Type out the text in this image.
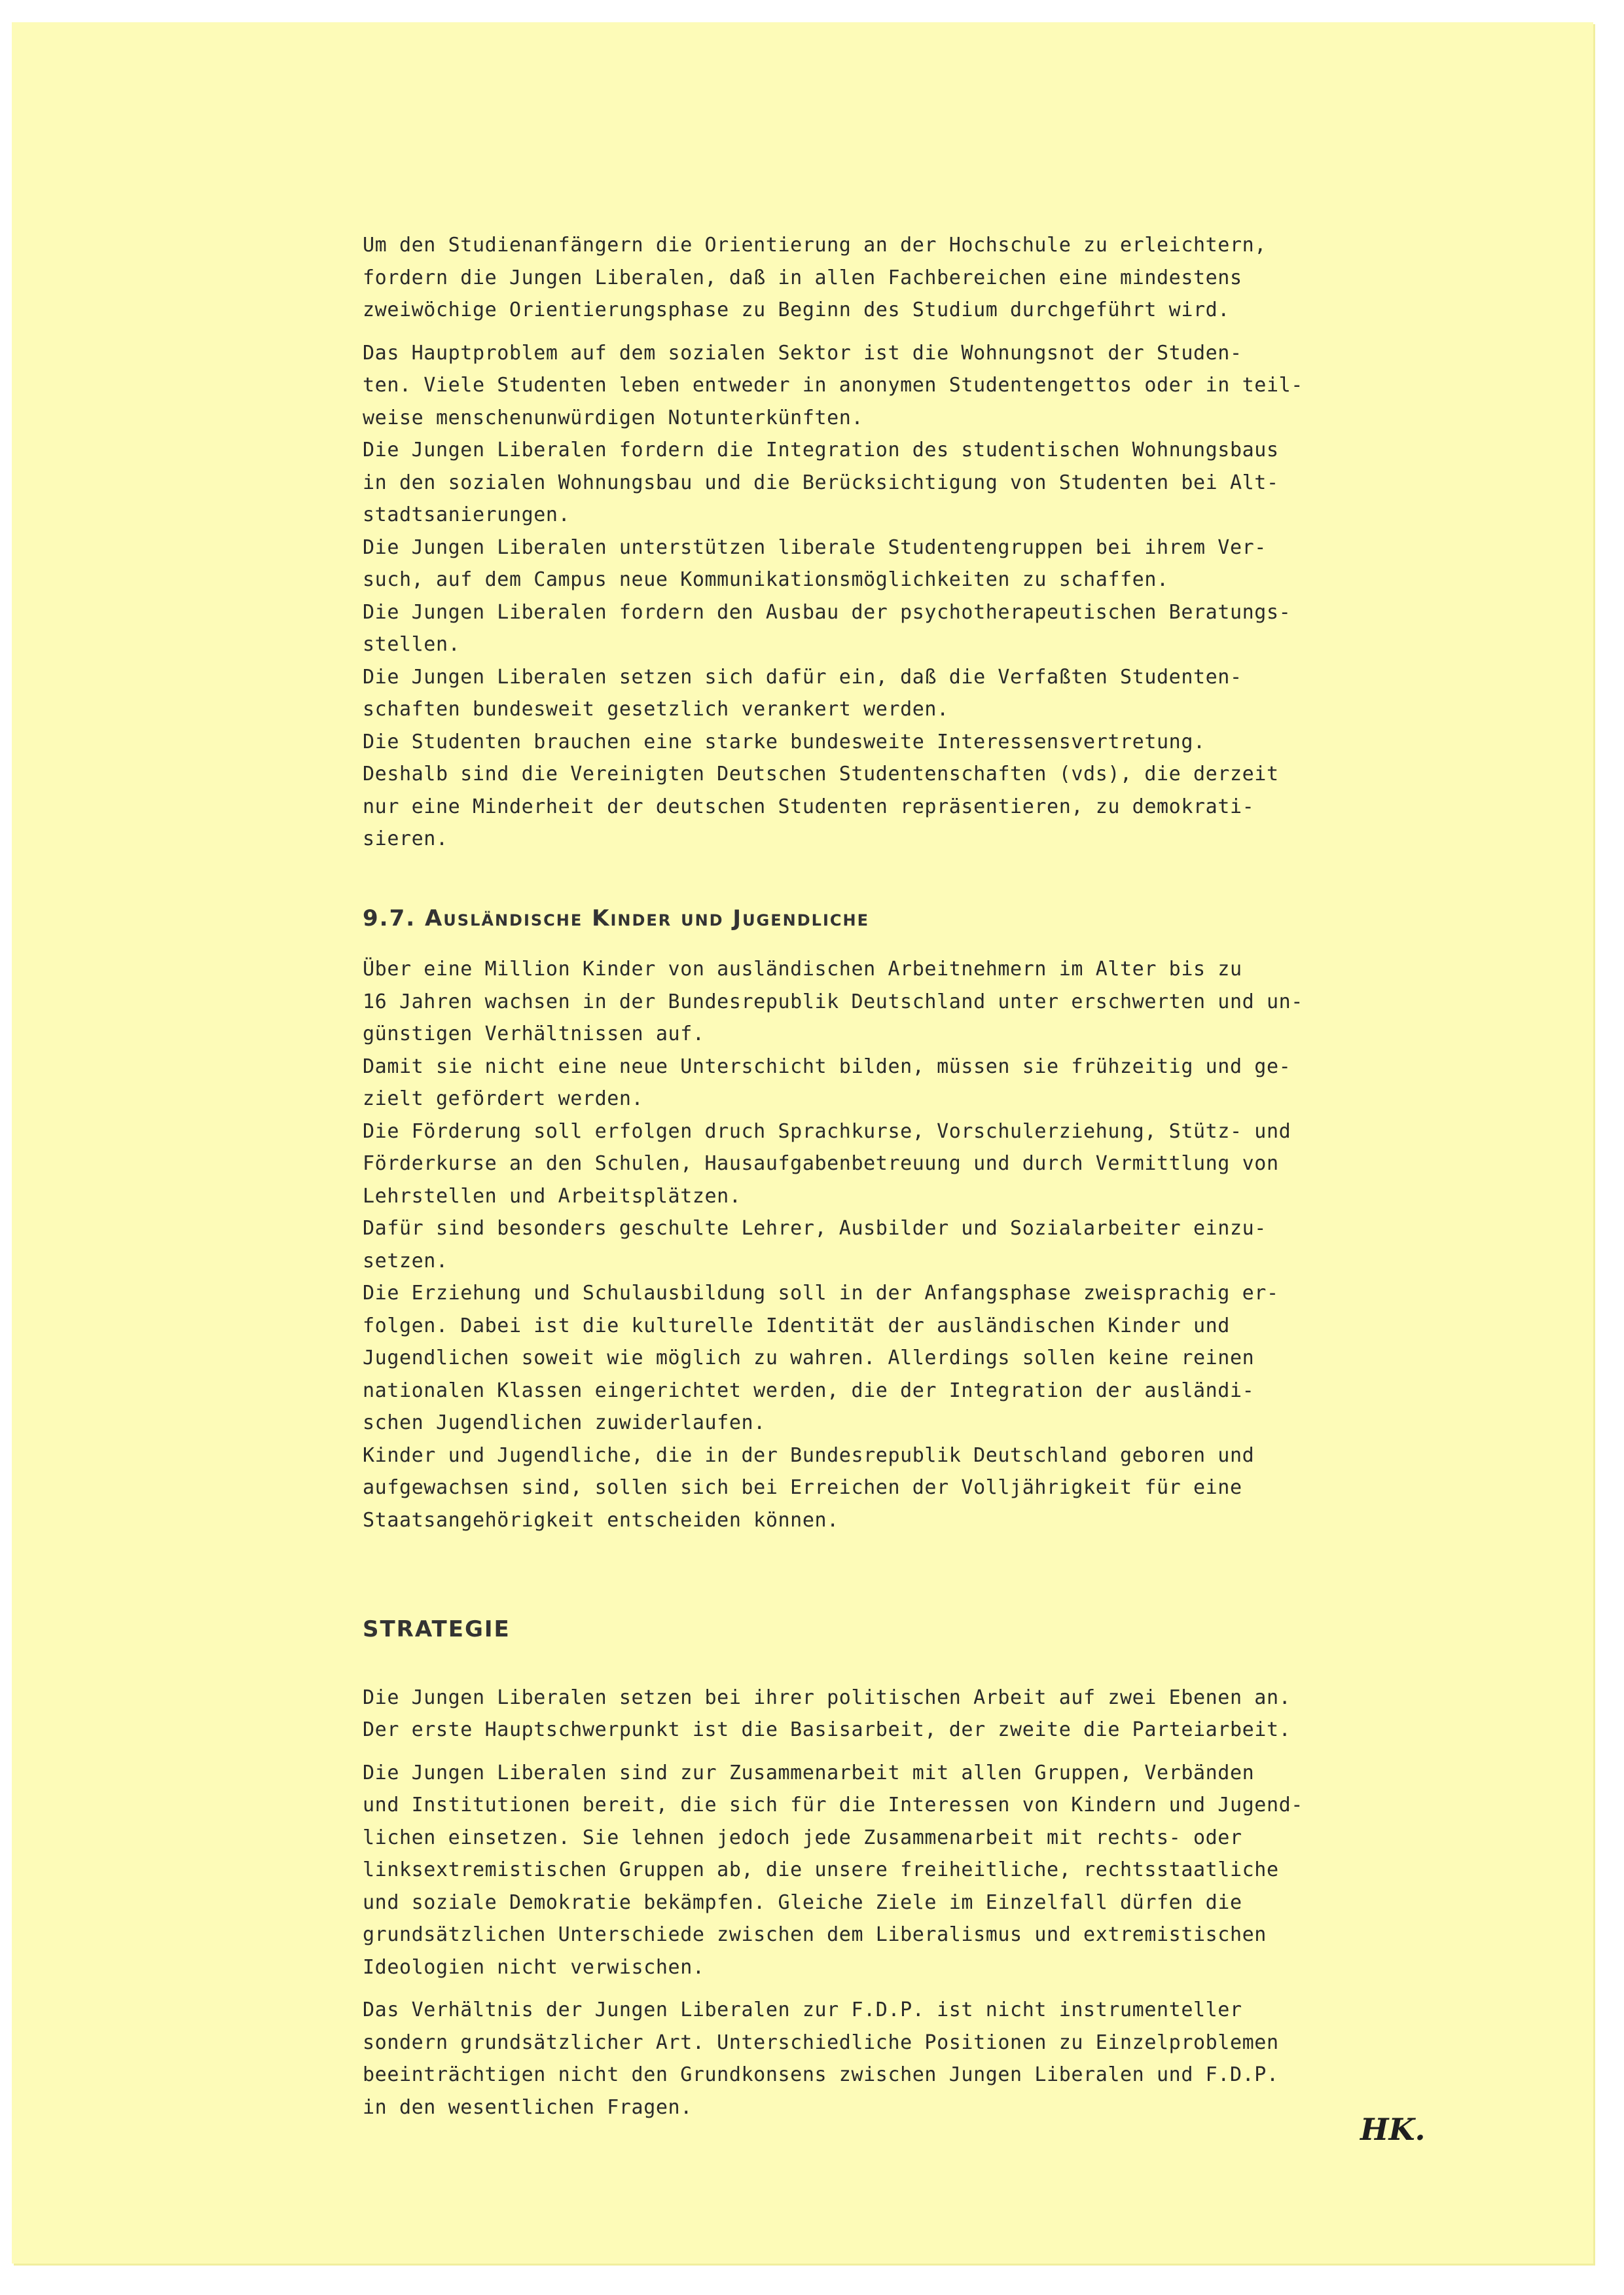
Um den Studienanfängern die Orientierung an der Hochschule zu erleichtern,
fordern die Jungen Liberalen, daß in allen Fachbereichen eine mindestens
zweiwöchige Orientierungsphase zu Beginn des Studium durchgeführt wird.

Das Hauptproblem auf dem sozialen Sektor ist die Wohnungsnot der Studen-
ten. Viele Studenten leben entweder in anonymen Studentengettos oder in teil-
weise menschenunwürdigen Notunterkünften.
Die Jungen Liberalen fordern die Integration des studentischen Wohnungsbaus
in den sozialen Wohnungsbau und die Berücksichtigung von Studenten bei Alt-
stadtsanierungen.
Die Jungen Liberalen unterstützen liberale Studentengruppen bei ihrem Ver-
such, auf dem Campus neue Kommunikationsmöglichkeiten zu schaffen.
Die Jungen Liberalen fordern den Ausbau der psychotherapeutischen Beratungs-
stellen.
Die Jungen Liberalen setzen sich dafür ein, daß die Verfaßten Studenten-
schaften bundesweit gesetzlich verankert werden.
Die Studenten brauchen eine starke bundesweite Interessensvertretung.
Deshalb sind die Vereinigten Deutschen Studentenschaften (vds), die derzeit
nur eine Minderheit der deutschen Studenten repräsentieren, zu demokrati-
sieren.

9.7. Ausländische Kinder und Jugendliche

Über eine Million Kinder von ausländischen Arbeitnehmern im Alter bis zu
16 Jahren wachsen in der Bundesrepublik Deutschland unter erschwerten und un-
günstigen Verhältnissen auf.
Damit sie nicht eine neue Unterschicht bilden, müssen sie frühzeitig und ge-
zielt gefördert werden.
Die Förderung soll erfolgen druch Sprachkurse, Vorschulerziehung, Stütz- und
Förderkurse an den Schulen, Hausaufgabenbetreuung und durch Vermittlung von
Lehrstellen und Arbeitsplätzen.
Dafür sind besonders geschulte Lehrer, Ausbilder und Sozialarbeiter einzu-
setzen.
Die Erziehung und Schulausbildung soll in der Anfangsphase zweisprachig er-
folgen. Dabei ist die kulturelle Identität der ausländischen Kinder und
Jugendlichen soweit wie möglich zu wahren. Allerdings sollen keine reinen
nationalen Klassen eingerichtet werden, die der Integration der ausländi-
schen Jugendlichen zuwiderlaufen.
Kinder und Jugendliche, die in der Bundesrepublik Deutschland geboren und
aufgewachsen sind, sollen sich bei Erreichen der Volljährigkeit für eine
Staatsangehörigkeit entscheiden können.

STRATEGIE

Die Jungen Liberalen setzen bei ihrer politischen Arbeit auf zwei Ebenen an.
Der erste Hauptschwerpunkt ist die Basisarbeit, der zweite die Parteiarbeit.

Die Jungen Liberalen sind zur Zusammenarbeit mit allen Gruppen, Verbänden
und Institutionen bereit, die sich für die Interessen von Kindern und Jugend-
lichen einsetzen. Sie lehnen jedoch jede Zusammenarbeit mit rechts- oder
linksextremistischen Gruppen ab, die unsere freiheitliche, rechtsstaatliche
und soziale Demokratie bekämpfen. Gleiche Ziele im Einzelfall dürfen die
grundsätzlichen Unterschiede zwischen dem Liberalismus und extremistischen
Ideologien nicht verwischen.

Das Verhältnis der Jungen Liberalen zur F.D.P. ist nicht instrumenteller
sondern grundsätzlicher Art. Unterschiedliche Positionen zu Einzelproblemen
beeinträchtigen nicht den Grundkonsens zwischen Jungen Liberalen und F.D.P.
in den wesentlichen Fragen.

HK.
